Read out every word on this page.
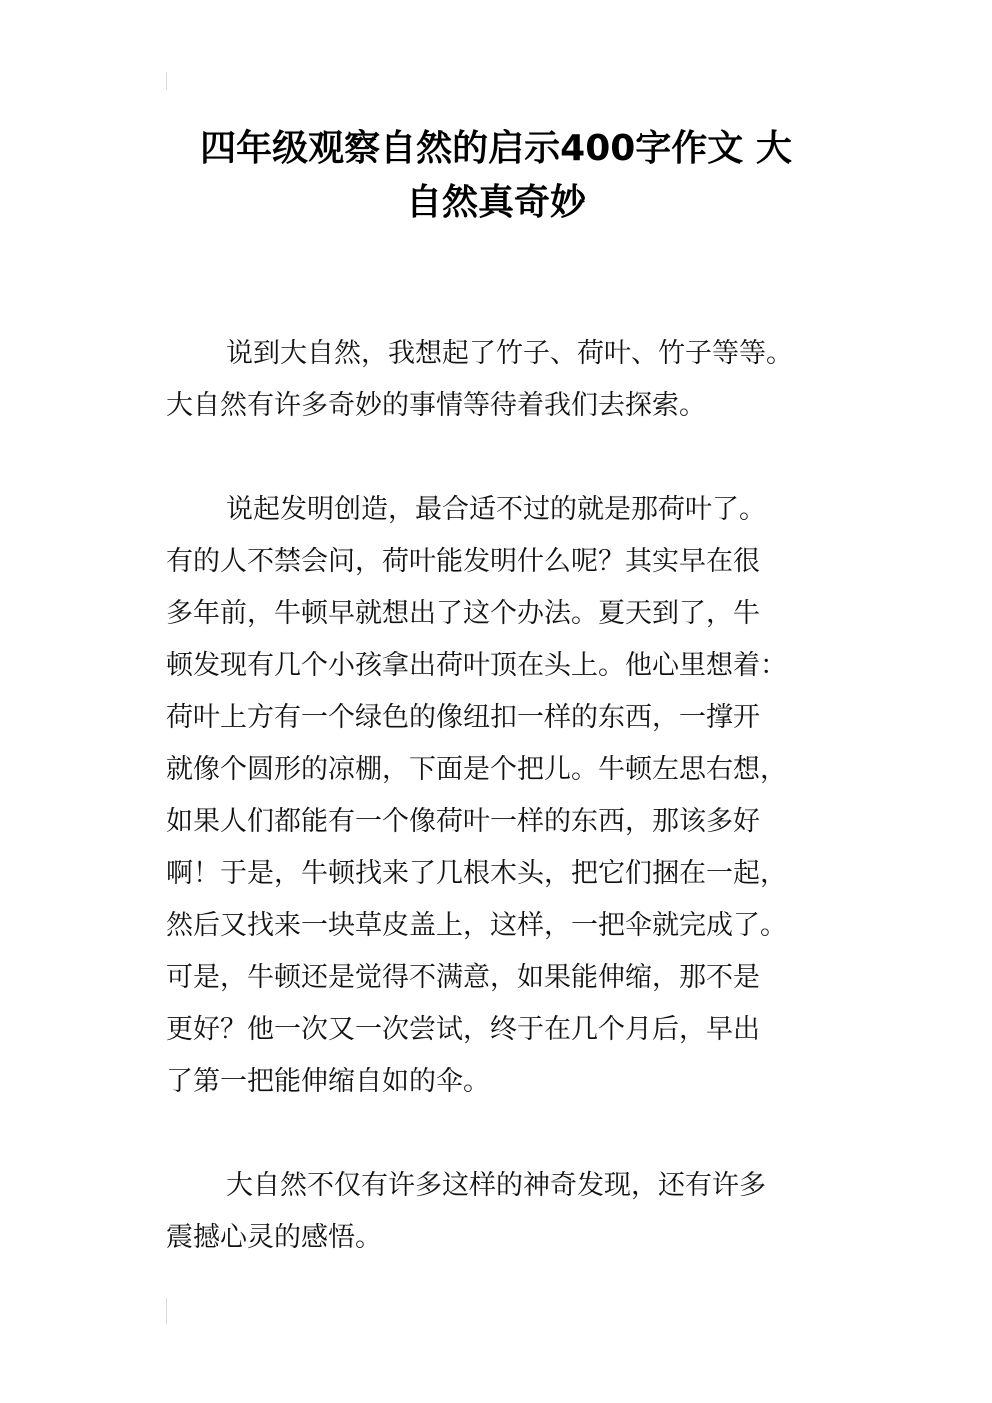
四年级观察自然的启示400字作文 大
自然真奇妙

说到大自然，我想起了竹子、荷叶、竹子等等。
大自然有许多奇妙的事情等待着我们去探索。

说起发明创造，最合适不过的就是那荷叶了。
有的人不禁会问，荷叶能发明什么呢？其实早在很
多年前，牛顿早就想出了这个办法。夏天到了，牛
顿发现有几个小孩拿出荷叶顶在头上。他心里想着：
荷叶上方有一个绿色的像纽扣一样的东西，一撑开
就像个圆形的凉棚，下面是个把儿。牛顿左思右想，
如果人们都能有一个像荷叶一样的东西，那该多好
啊！于是，牛顿找来了几根木头，把它们捆在一起，
然后又找来一块草皮盖上，这样，一把伞就完成了。
可是，牛顿还是觉得不满意，如果能伸缩，那不是
更好？他一次又一次尝试，终于在几个月后，早出
了第一把能伸缩自如的伞。

大自然不仅有许多这样的神奇发现，还有许多
震撼心灵的感悟。
